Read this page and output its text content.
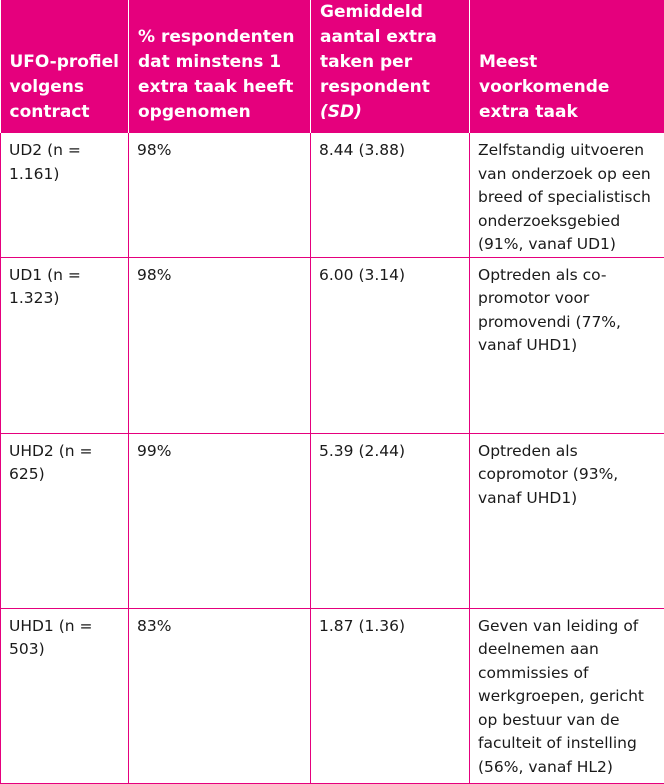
UFO-profiel volgens contract	% respondenten dat minstens 1 extra taak heeft opgenomen	Gemiddeld aantal extra taken per respondent (SD)	Meest voorkomende extra taak
UD2 (n = 1.161)	98%	8.44 (3.88)	Zelfstandig uitvoeren van onderzoek op een breed of specialistisch onderzoeksgebied (91%, vanaf UD1)
UD1 (n = 1.323)	98%	6.00 (3.14)	Optreden als co-promotor voor promovendi (77%, vanaf UHD1)
UHD2 (n = 625)	99%	5.39 (2.44)	Optreden als copromotor (93%, vanaf UHD1)
UHD1 (n = 503)	83%	1.87 (1.36)	Geven van leiding of deelnemen aan commissies of werkgroepen, gericht op bestuur van de faculteit of instelling (56%, vanaf HL2)
